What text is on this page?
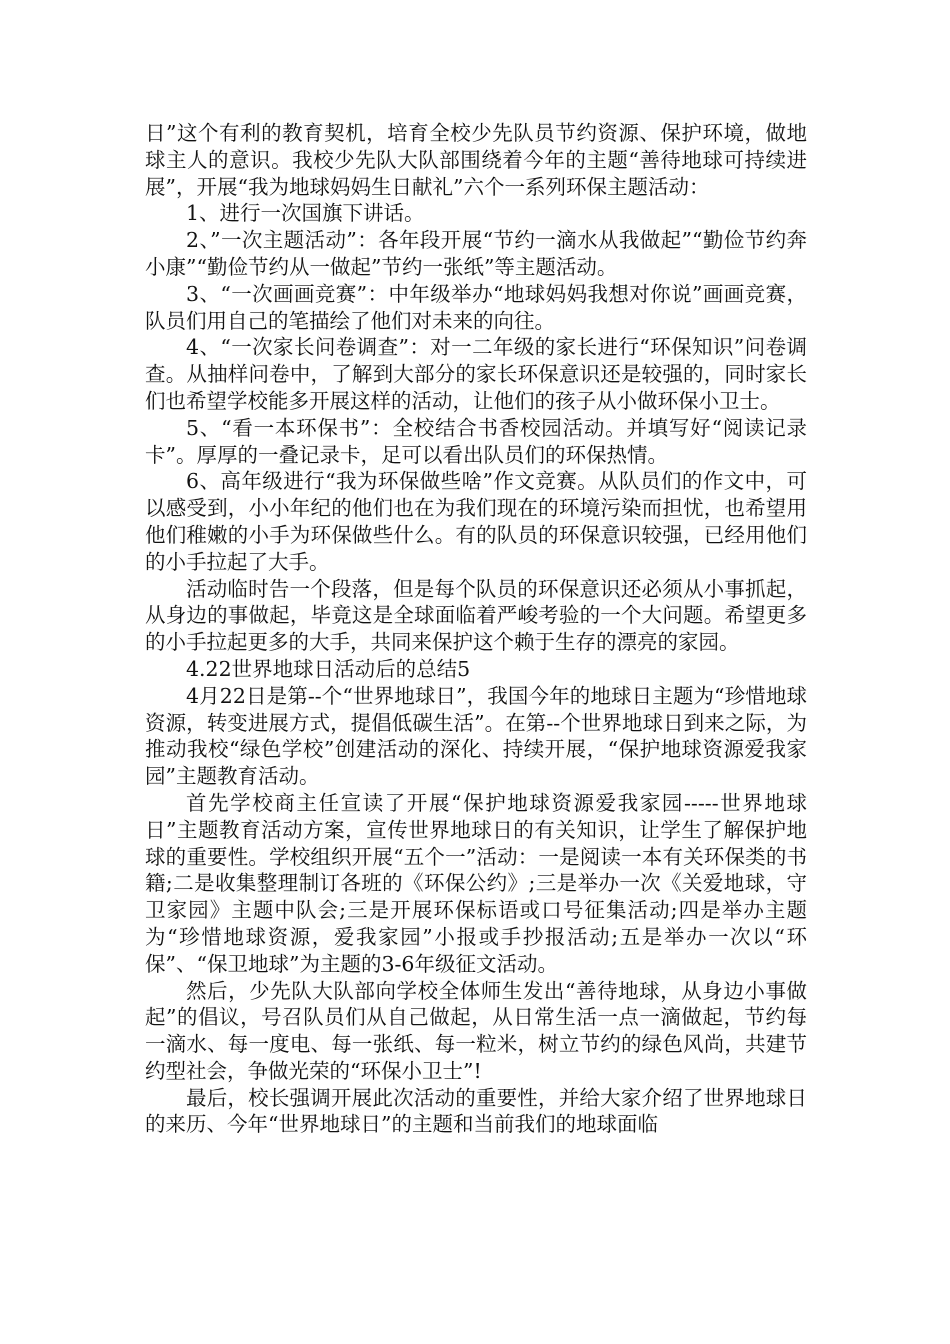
日”这个有利的教育契机，培育全校少先队员节约资源、保护环境，做地球主人的意识。我校少先队大队部围绕着今年的主题“善待地球可持续进展”，开展“我为地球妈妈生日献礼”六个一系列环保主题活动：

1、进行一次国旗下讲话。

2、”一次主题活动”：各年段开展“节约一滴水从我做起”“勤俭节约奔小康”“勤俭节约从一做起”节约一张纸”等主题活动。

3、“一次画画竞赛”：中年级举办“地球妈妈我想对你说”画画竞赛，队员们用自己的笔描绘了他们对未来的向往。

4、“一次家长问卷调查”：对一二年级的家长进行“环保知识”问卷调查。从抽样问卷中，了解到大部分的家长环保意识还是较强的，同时家长们也希望学校能多开展这样的活动，让他们的孩子从小做环保小卫士。

5、“看一本环保书”：全校结合书香校园活动。并填写好“阅读记录卡”。厚厚的一叠记录卡，足可以看出队员们的环保热情。

6、高年级进行“我为环保做些啥”作文竞赛。从队员们的作文中，可以感受到，小小年纪的他们也在为我们现在的环境污染而担忧，也希望用他们稚嫩的小手为环保做些什么。有的队员的环保意识较强，已经用他们的小手拉起了大手。

活动临时告一个段落，但是每个队员的环保意识还必须从小事抓起，从身边的事做起，毕竟这是全球面临着严峻考验的一个大问题。希望更多的小手拉起更多的大手，共同来保护这个赖于生存的漂亮的家园。

4.22世界地球日活动后的总结5

4月22日是第--个“世界地球日”，我国今年的地球日主题为“珍惜地球资源，转变进展方式，提倡低碳生活”。在第--个世界地球日到来之际，为推动我校“绿色学校”创建活动的深化、持续开展，“保护地球资源爱我家园”主题教育活动。

首先学校商主任宣读了开展“保护地球资源爱我家园-----世界地球日”主题教育活动方案，宣传世界地球日的有关知识，让学生了解保护地球的重要性。学校组织开展“五个一”活动：一是阅读一本有关环保类的书籍;二是收集整理制订各班的《环保公约》;三是举办一次《关爱地球，守卫家园》主题中队会;三是开展环保标语或口号征集活动;四是举办主题为“珍惜地球资源，爱我家园”小报或手抄报活动;五是举办一次以“环保”、“保卫地球”为主题的3-6年级征文活动。

然后，少先队大队部向学校全体师生发出“善待地球，从身边小事做起”的倡议，号召队员们从自己做起，从日常生活一点一滴做起，节约每一滴水、每一度电、每一张纸、每一粒米，树立节约的绿色风尚，共建节约型社会，争做光荣的“环保小卫士”!

最后，校长强调开展此次活动的重要性，并给大家介绍了世界地球日的来历、今年“世界地球日”的主题和当前我们的地球面临
